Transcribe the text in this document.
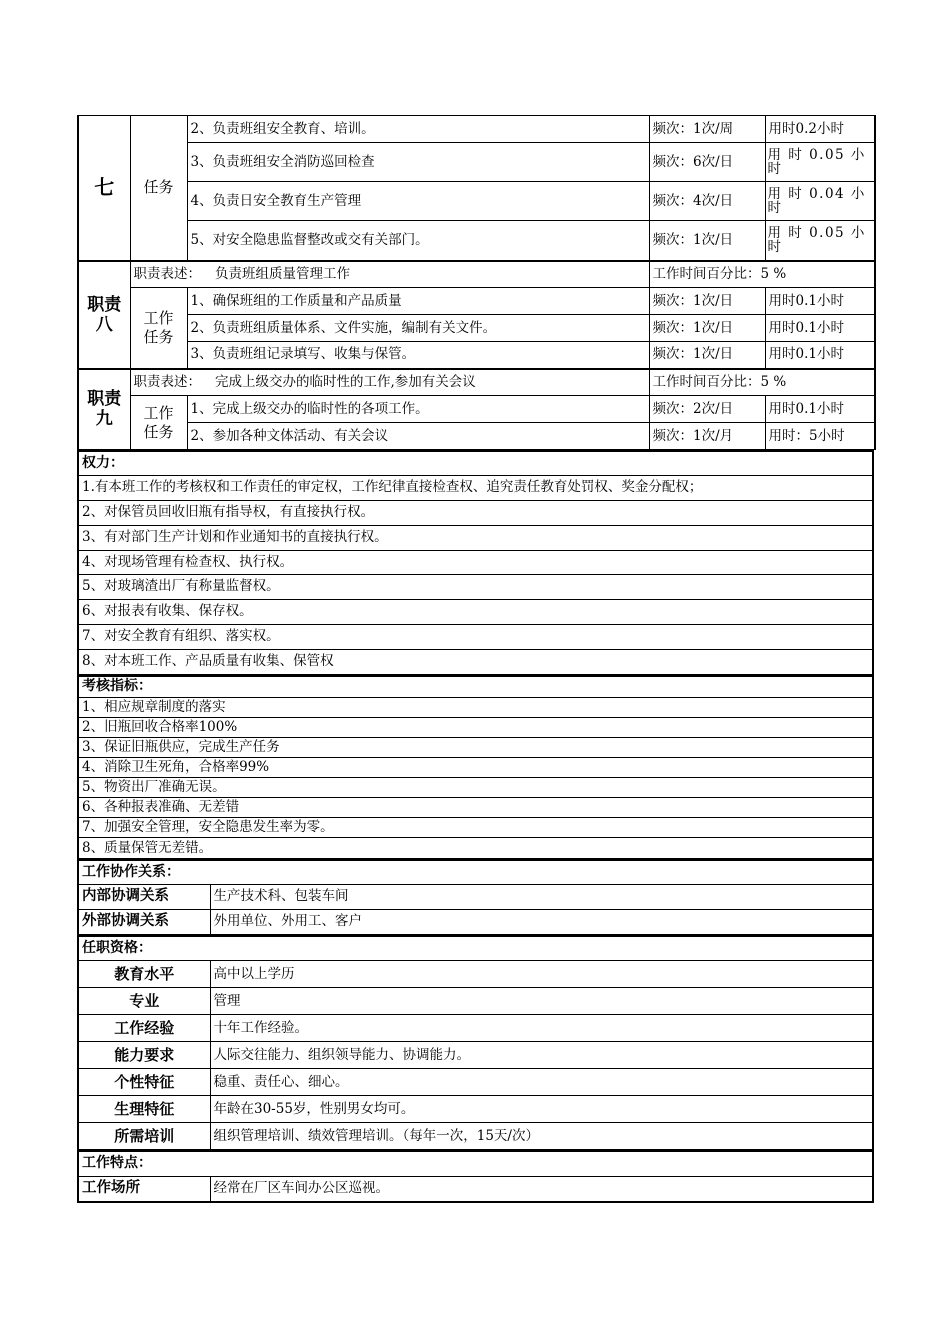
七	任务	2、负责班组安全教育、培训。	频次：1次/周	用时0.2小时
		3、负责班组安全消防巡回检查	频次：6次/日	用 时 0.05 小时
		4、负责日安全教育生产管理	频次：4次/日	用 时 0.04 小时
		5、对安全隐患监督整改或交有关部门。	频次：1次/日	用 时 0.05 小时
职责八	职责表述： 负责班组质量管理工作		工作时间百分比：5 %	
	工作任务	1、确保班组的工作质量和产品质量	频次：1次/日	用时0.1小时
		2、负责班组质量体系、文件实施，编制有关文件。	频次：1次/日	用时0.1小时
		3、负责班组记录填写、收集与保管。	频次：1次/日	用时0.1小时
职责九	职责表述： 完成上级交办的临时性的工作,参加有关会议		工作时间百分比：5 %	
	工作任务	1、完成上级交办的临时性的各项工作。	频次：2次/日	用时0.1小时
		2、参加各种文体活动、有关会议	频次：1次/月	用时：5小时
权力：
1.有本班工作的考核权和工作责任的审定权，工作纪律直接检查权、追究责任教育处罚权、奖金分配权；
2、对保管员回收旧瓶有指导权，有直接执行权。
3、有对部门生产计划和作业通知书的直接执行权。
4、对现场管理有检查权、执行权。
5、对玻璃渣出厂有称量监督权。
6、对报表有收集、保存权。
7、对安全教育有组织、落实权。
8、对本班工作、产品质量有收集、保管权
考核指标：
1、相应规章制度的落实
2、旧瓶回收合格率100%
3、保证旧瓶供应，完成生产任务
4、消除卫生死角，合格率99%
5、物资出厂准确无误。
6、各种报表准确、无差错
7、加强安全管理，安全隐患发生率为零。
8、质量保管无差错。
工作协作关系：	
内部协调关系	生产技术科、包装车间
外部协调关系	外用单位、外用工、客户
任职资格：	
教育水平	高中以上学历
专业	管理
工作经验	十年工作经验。
能力要求	人际交往能力、组织领导能力、协调能力。
个性特征	稳重、责任心、细心。
生理特征	年龄在30-55岁，性别男女均可。
所需培训	组织管理培训、绩效管理培训。（每年一次，15天/次）
工作特点：
工作场所	经常在厂区车间办公区巡视。
